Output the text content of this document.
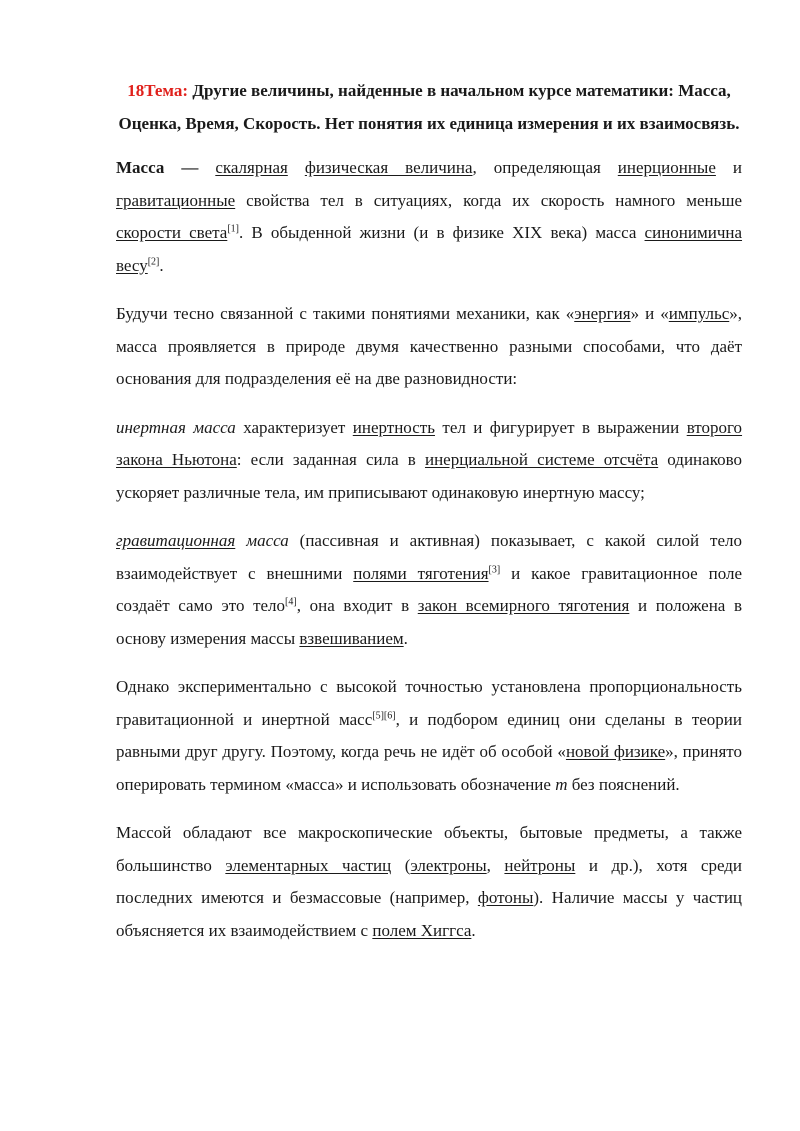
18Тема: Другие величины, найденные в начальном курсе математики: Масса, Оценка, Время, Скорость. Нет понятия их единица измерения и их взаимосвязь.

Масса — скалярная физическая величина, определяющая инерционные и гравитационные свойства тел в ситуациях, когда их скорость намного меньше скорости света[1]. В обыденной жизни (и в физике XIX века) масса синонимична весу[2].

Будучи тесно связанной с такими понятиями механики, как «энергия» и «импульс», масса проявляется в природе двумя качественно разными способами, что даёт основания для подразделения её на две разновидности:

инертная масса характеризует инертность тел и фигурирует в выражении второго закона Ньютона: если заданная сила в инерциальной системе отсчёта одинаково ускоряет различные тела, им приписывают одинаковую инертную массу;

гравитационная масса (пассивная и активная) показывает, с какой силой тело взаимодействует с внешними полями тяготения[3] и какое гравитационное поле создаёт само это тело[4], она входит в закон всемирного тяготения и положена в основу измерения массы взвешиванием.

Однако экспериментально с высокой точностью установлена пропорциональность гравитационной и инертной масс[5][6], и подбором единиц они сделаны в теории равными друг другу. Поэтому, когда речь не идёт об особой «новой физике», принято оперировать термином «масса» и использовать обозначение m без пояснений.

Массой обладают все макроскопические объекты, бытовые предметы, а также большинство элементарных частиц (электроны, нейтроны и др.), хотя среди последних имеются и безмассовые (например, фотоны). Наличие массы у частиц объясняется их взаимодействием с полем Хиггса.
